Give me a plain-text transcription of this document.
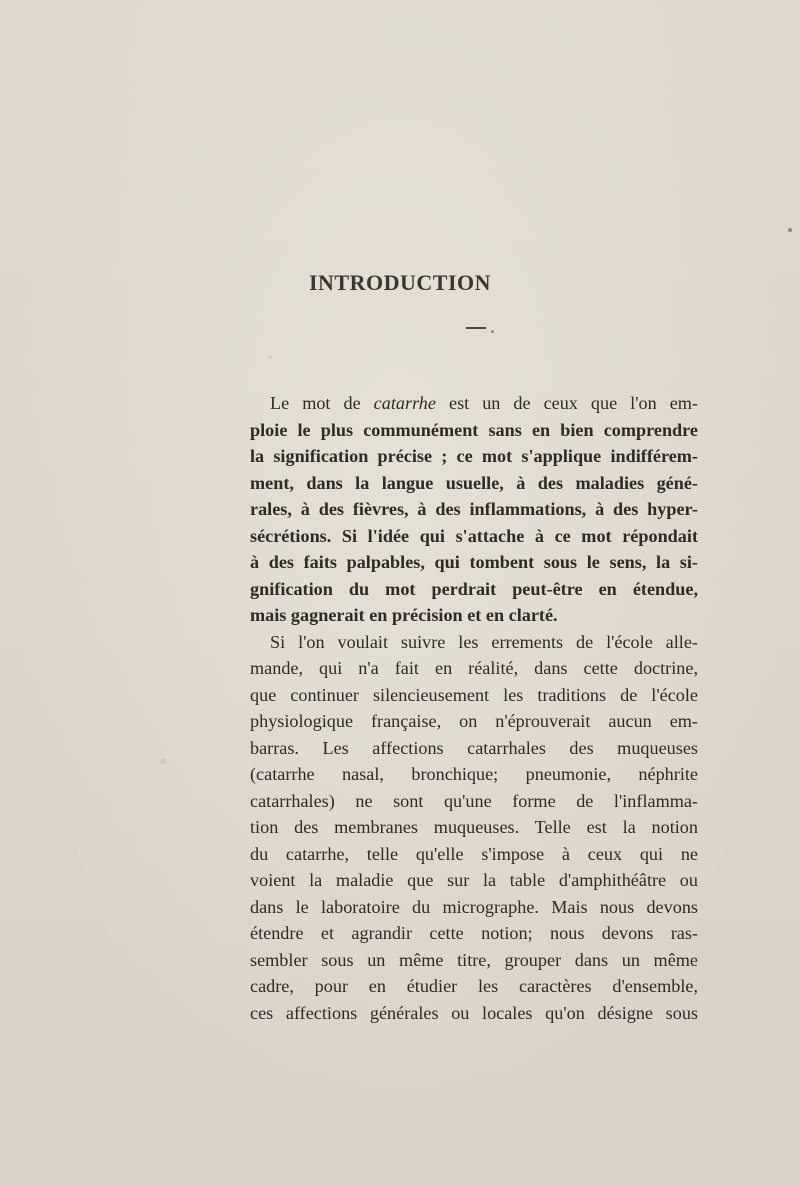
INTRODUCTION
Le mot de catarrhe est un de ceux que l'on em-
ploie le plus communément sans en bien comprendre
la signification précise ; ce mot s'applique indifférem-
ment, dans la langue usuelle, à des maladies géné-
rales, à des fièvres, à des inflammations, à des hyper-
sécrétions. Si l'idée qui s'attache à ce mot répondait
à des faits palpables, qui tombent sous le sens, la si-
gnification du mot perdrait peut-être en étendue,
mais gagnerait en précision et en clarté.
Si l'on voulait suivre les errements de l'école alle-
mande, qui n'a fait en réalité, dans cette doctrine,
que continuer silencieusement les traditions de l'école
physiologique française, on n'éprouverait aucun em-
barras. Les affections catarrhales des muqueuses
(catarrhe nasal, bronchique; pneumonie, néphrite
catarrhales) ne sont qu'une forme de l'inflamma-
tion des membranes muqueuses. Telle est la notion
du catarrhe, telle qu'elle s'impose à ceux qui ne
voient la maladie que sur la table d'amphithéâtre ou
dans le laboratoire du micrographe. Mais nous devons
étendre et agrandir cette notion; nous devons ras-
sembler sous un même titre, grouper dans un même
cadre, pour en étudier les caractères d'ensemble,
ces affections générales ou locales qu'on désigne sous
